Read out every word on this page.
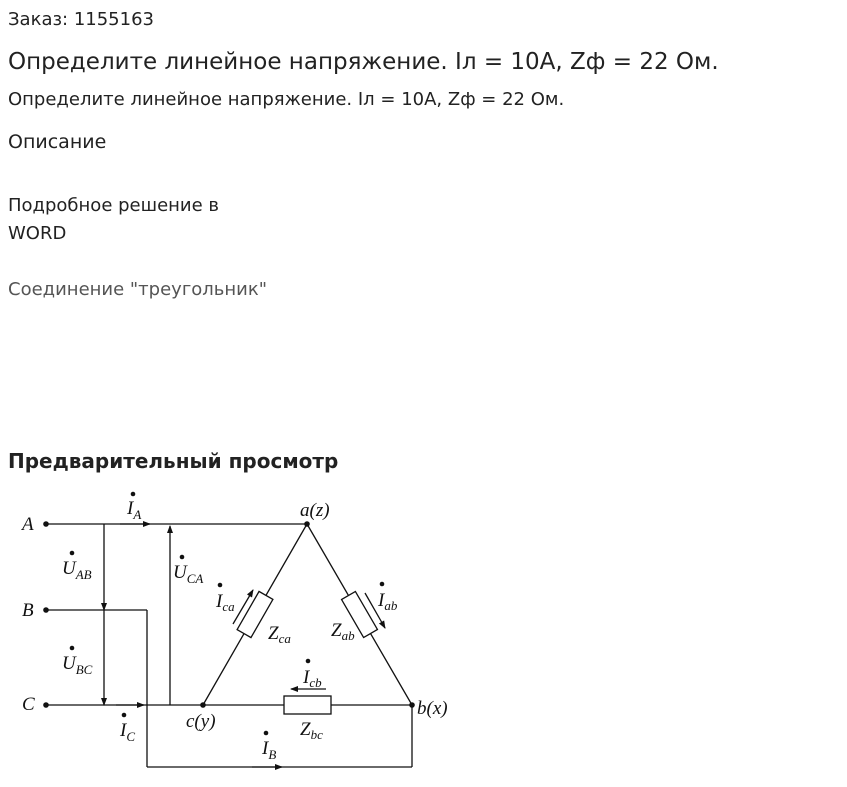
Заказ: 1155163
Определите линейное напряжение. Iл = 10А, Zф = 22 Ом.
Определите линейное напряжение. Iл = 10А, Zф = 22 Ом.
Описание
Подробное решение в WORD
Соединение "треугольник"
Предварительный просмотр
A
B
C
a(z)
b(x)
c(y)
$I_A$
$U_{AB}$
$U_{BC}$
$U_{CA}$
$I_{ca}$	$I_{ab}$
$I_{cb}$
$Z_{ca}$ $Z_{ab}$
$Z_{bc}$
$I_C$
$I_B$
